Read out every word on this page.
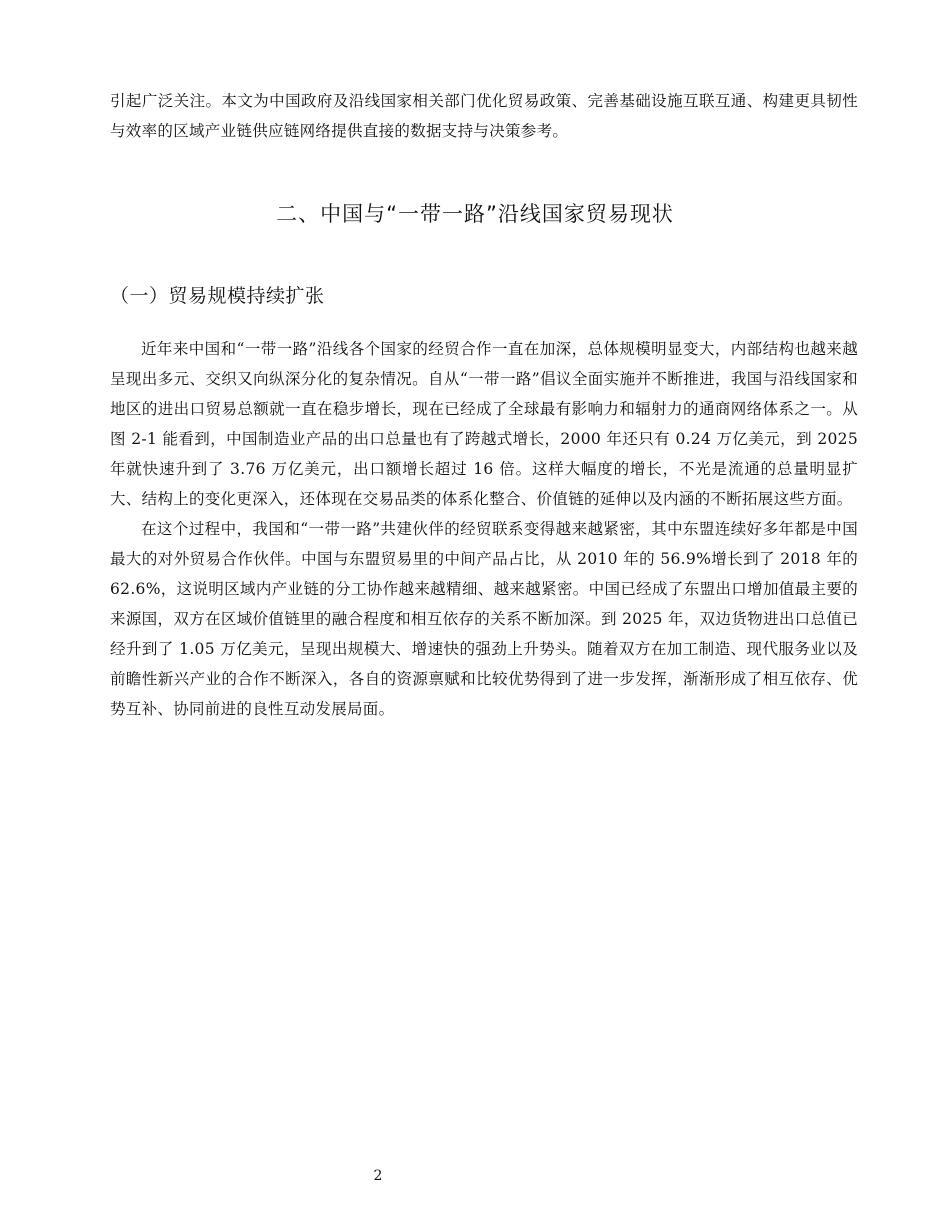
引起广泛关注。本文为中国政府及沿线国家相关部门优化贸易政策、完善基础设施互联互通、构建更具韧性与效率的区域产业链供应链网络提供直接的数据支持与决策参考。

二、中国与“一带一路”沿线国家贸易现状
（一）贸易规模持续扩张

近年来中国和“一带一路”沿线各个国家的经贸合作一直在加深，总体规模明显变大，内部结构也越来越呈现出多元、交织又向纵深分化的复杂情况。自从“一带一路”倡议全面实施并不断推进，我国与沿线国家和地区的进出口贸易总额就一直在稳步增长，现在已经成了全球最有影响力和辐射力的通商网络体系之一。从图 2-1 能看到，中国制造业产品的出口总量也有了跨越式增长，2000 年还只有 0.24 万亿美元，到 2025 年就快速升到了 3.76 万亿美元，出口额增长超过 16 倍。这样大幅度的增长，不光是流通的总量明显扩大、结构上的变化更深入，还体现在交易品类的体系化整合、价值链的延伸以及内涵的不断拓展这些方面。

在这个过程中，我国和“一带一路”共建伙伴的经贸联系变得越来越紧密，其中东盟连续好多年都是中国最大的对外贸易合作伙伴。中国与东盟贸易里的中间产品占比，从 2010 年的 56.9%增长到了 2018 年的 62.6%，这说明区域内产业链的分工协作越来越精细、越来越紧密。中国已经成了东盟出口增加值最主要的来源国，双方在区域价值链里的融合程度和相互依存的关系不断加深。到 2025 年，双边货物进出口总值已经升到了 1.05 万亿美元，呈现出规模大、增速快的强劲上升势头。随着双方在加工制造、现代服务业以及前瞻性新兴产业的合作不断深入，各自的资源禀赋和比较优势得到了进一步发挥，渐渐形成了相互依存、优势互补、协同前进的良性互动发展局面。

2
